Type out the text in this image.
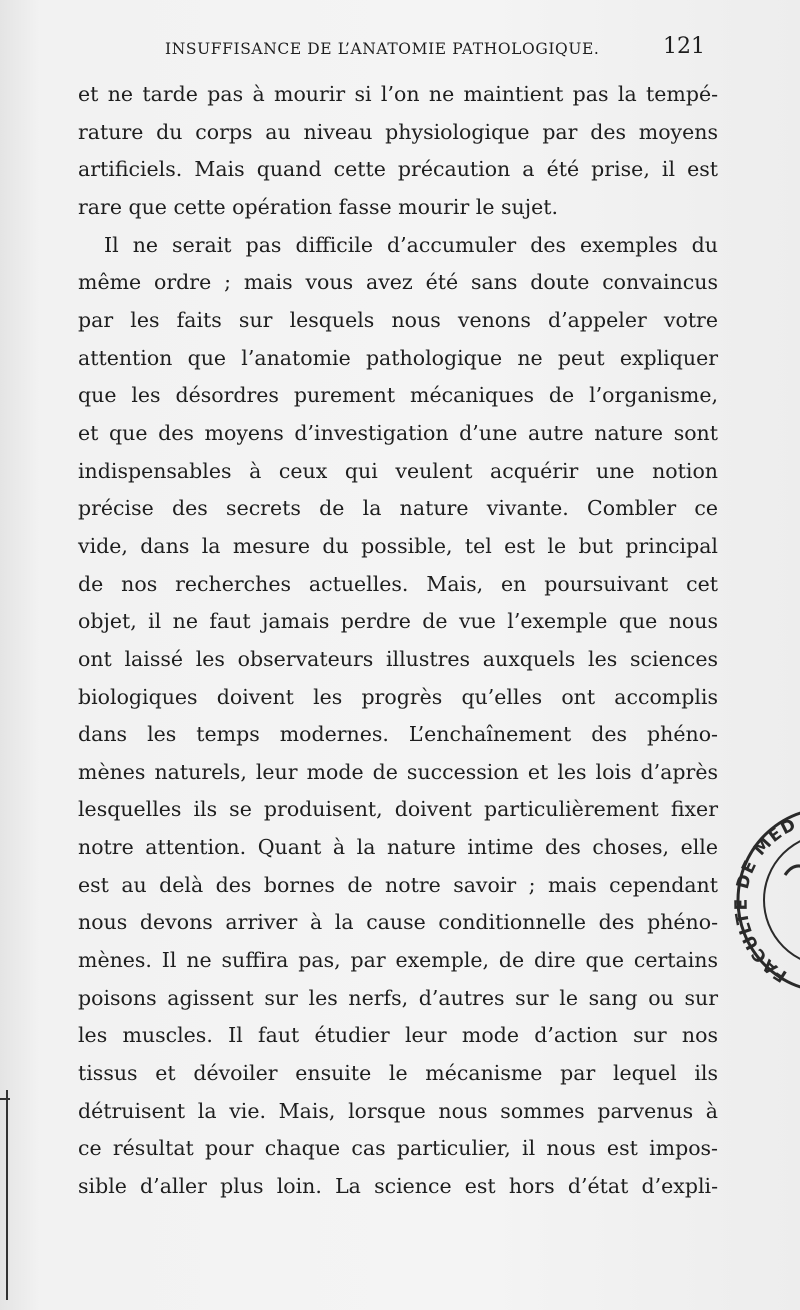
INSUFFISANCE DE L’ANATOMIE PATHOLOGIQUE.	121
et ne tarde pas à mourir si l’on ne maintient pas la tempé-
rature du corps au niveau physiologique par des moyens
artificiels. Mais quand cette précaution a été prise, il est
rare que cette opération fasse mourir le sujet.
Il ne serait pas difficile d’accumuler des exemples du
même ordre ; mais vous avez été sans doute convaincus
par les faits sur lesquels nous venons d’appeler votre
attention que l’anatomie pathologique ne peut expliquer
que les désordres purement mécaniques de l’organisme,
et que des moyens d’investigation d’une autre nature sont
indispensables à ceux qui veulent acquérir une notion
précise des secrets de la nature vivante. Combler ce
vide, dans la mesure du possible, tel est le but principal
de nos recherches actuelles. Mais, en poursuivant cet
objet, il ne faut jamais perdre de vue l’exemple que nous
ont laissé les observateurs illustres auxquels les sciences
biologiques doivent les progrès qu’elles ont accomplis
dans les temps modernes. L’enchaînement des phéno-
mènes naturels, leur mode de succession et les lois d’après
lesquelles ils se produisent, doivent particulièrement fixer
notre attention. Quant à la nature intime des choses, elle
est au delà des bornes de notre savoir ; mais cependant
nous devons arriver à la cause conditionnelle des phéno-
mènes. Il ne suffira pas, par exemple, de dire que certains
poisons agissent sur les nerfs, d’autres sur le sang ou sur
les muscles. Il faut étudier leur mode d’action sur nos
tissus et dévoiler ensuite le mécanisme par lequel ils
détruisent la vie. Mais, lorsque nous sommes parvenus à
ce résultat pour chaque cas particulier, il nous est impos-
sible d’aller plus loin. La science est hors d’état d’expli-
FACULTE DE MED
